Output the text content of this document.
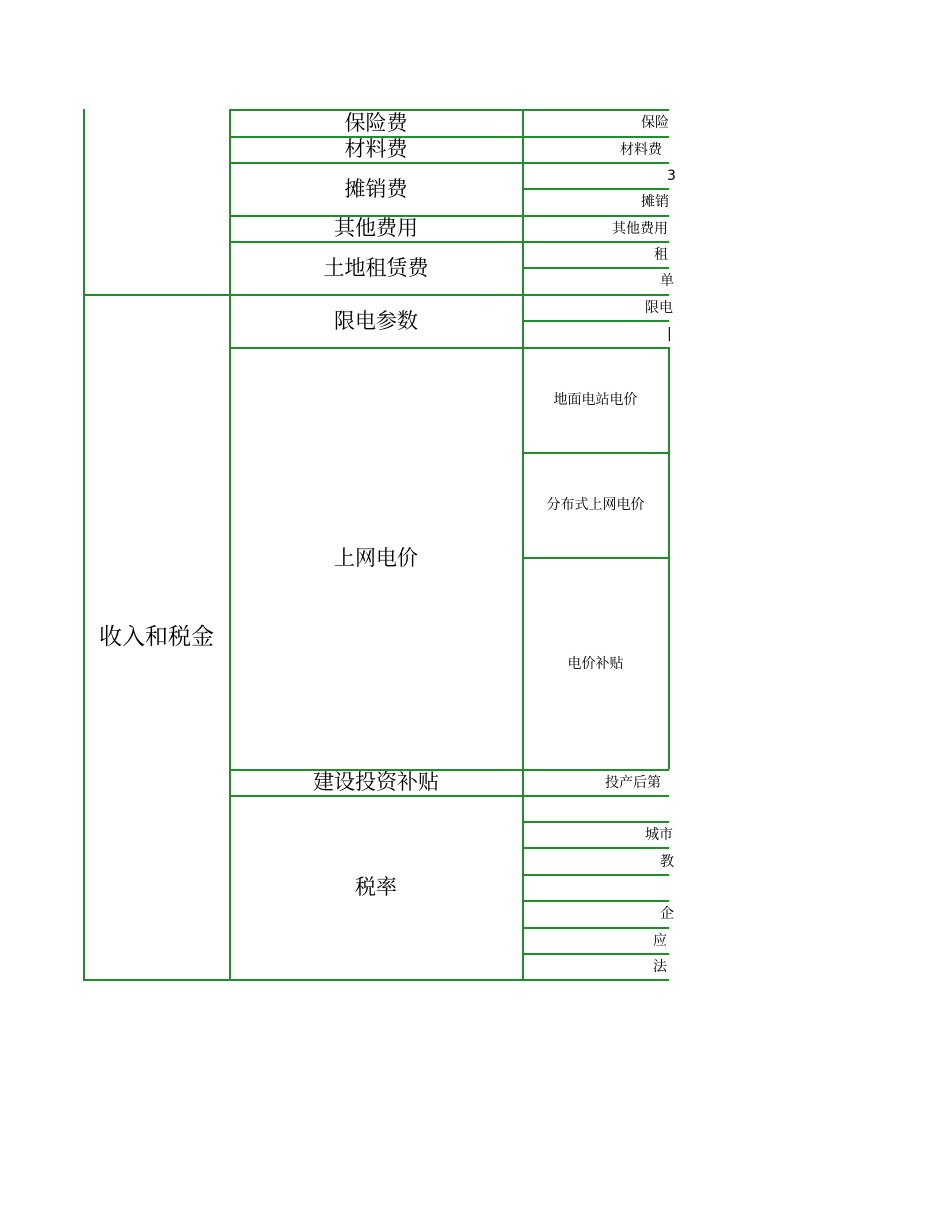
收入和税金
保险费
材料费
摊销费
其他费用
土地租赁费
限电参数
上网电价
建设投资补贴
税率
保险
材料费
3
摊销
其他费用
租
单
限电
|
地面电站电价
分布式上网电价
电价补贴
投产后第
城市
教
企
应
法
